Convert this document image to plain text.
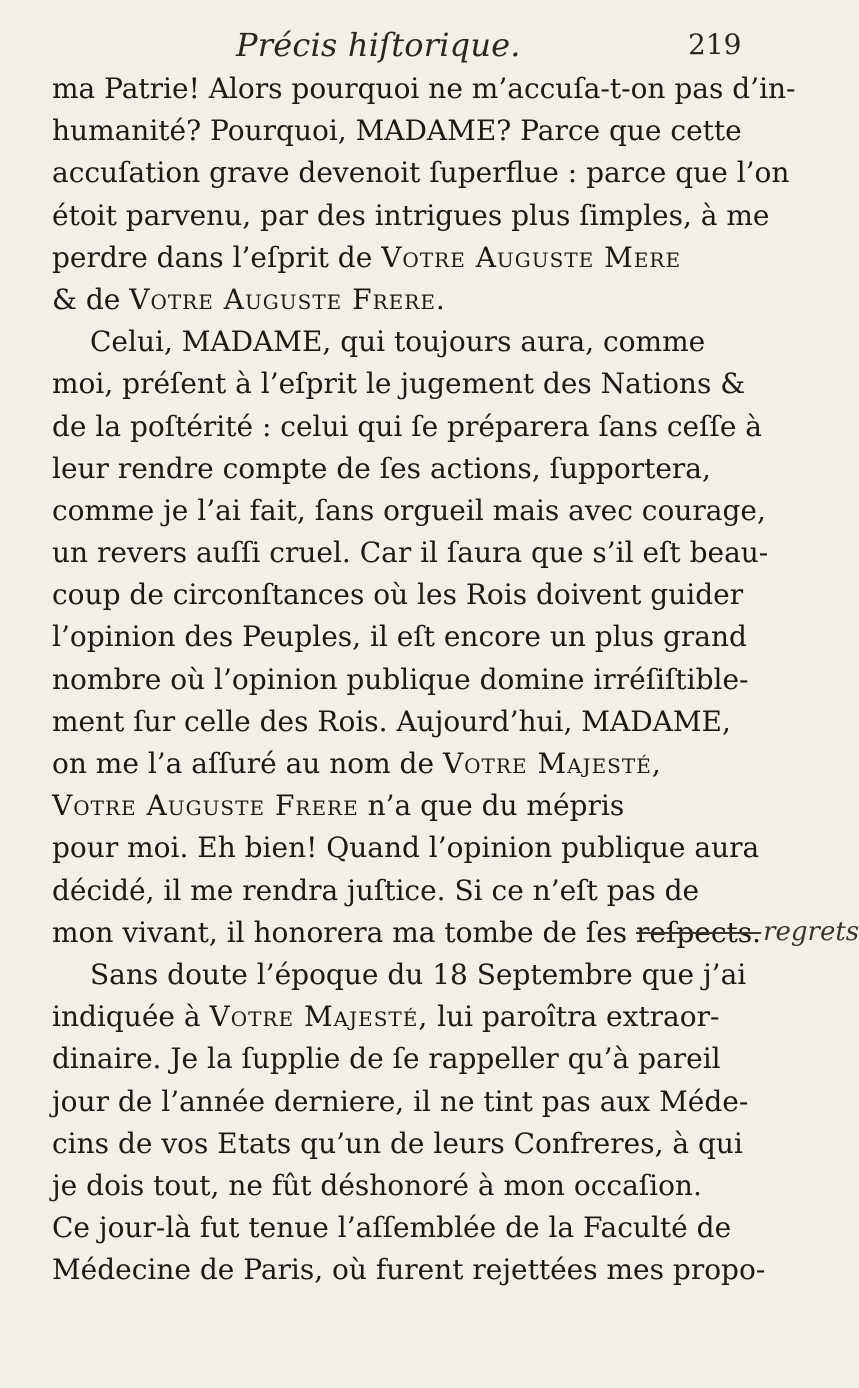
Précis hiſtorique.	219
ma Patrie! Alors pourquoi ne m’accuſa-t-on pas d’in-
humanité? Pourquoi, MADAME? Parce que cette
accuſation grave devenoit ſuperflue : parce que l’on
étoit parvenu, par des intrigues plus ſimples, à me
perdre dans l’eſprit de Votre Auguste Mere
& de Votre Auguste Frere.
Celui, MADAME, qui toujours aura, comme
moi, préſent à l’eſprit le jugement des Nations &
de la poſtérité : celui qui ſe préparera ſans ceſſe à
leur rendre compte de ſes actions, ſupportera,
comme je l’ai fait, ſans orgueil mais avec courage,
un revers auſſi cruel. Car il ſaura que s’il eſt beau-
coup de circonſtances où les Rois doivent guider
l’opinion des Peuples, il eſt encore un plus grand
nombre où l’opinion publique domine irréſiſtible-
ment ſur celle des Rois. Aujourd’hui, MADAME,
on me l’a aſſuré au nom de Votre Majesté,
Votre Auguste Frere n’a que du mépris
pour moi. Eh bien! Quand l’opinion publique aura
décidé, il me rendra juſtice. Si ce n’eſt pas de
mon vivant, il honorera ma tombe de ſes reſpects.regrets
Sans doute l’époque du 18 Septembre que j’ai
indiquée à Votre Majesté, lui paroîtra extraor-
dinaire. Je la ſupplie de ſe rappeller qu’à pareil
jour de l’année derniere, il ne tint pas aux Méde-
cins de vos Etats qu’un de leurs Confreres, à qui
je dois tout, ne fût déshonoré à mon occaſion.
Ce jour-là fut tenue l’aſſemblée de la Faculté de
Médecine de Paris, où furent rejettées mes propo-
